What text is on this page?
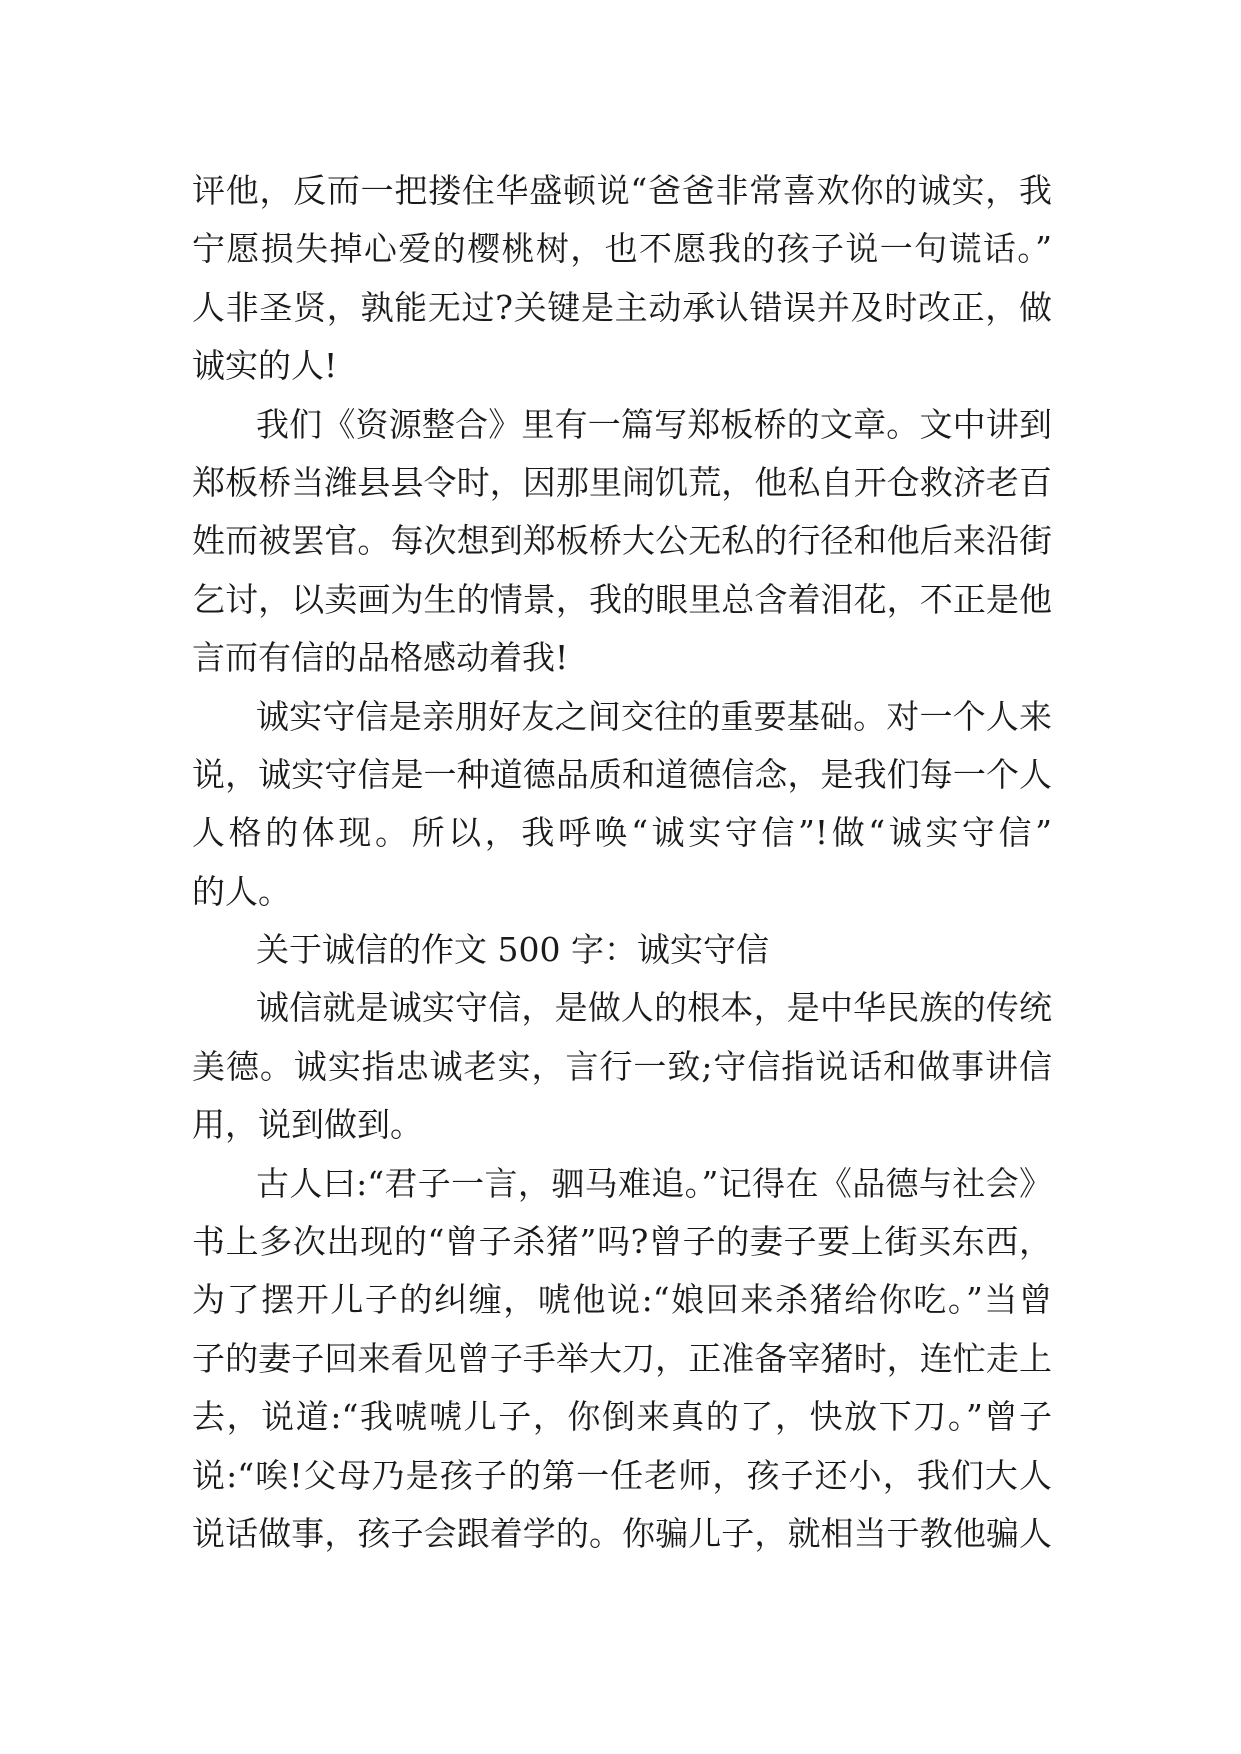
评他，反而一把搂住华盛顿说“爸爸非常喜欢你的诚实，我
宁愿损失掉心爱的樱桃树，也不愿我的孩子说一句谎话。”
人非圣贤，孰能无过?关键是主动承认错误并及时改正，做
诚实的人!
我们《资源整合》里有一篇写郑板桥的文章。文中讲到
郑板桥当潍县县令时，因那里闹饥荒，他私自开仓救济老百
姓而被罢官。每次想到郑板桥大公无私的行径和他后来沿街
乞讨，以卖画为生的情景，我的眼里总含着泪花，不正是他
言而有信的品格感动着我!
诚实守信是亲朋好友之间交往的重要基础。对一个人来
说，诚实守信是一种道德品质和道德信念，是我们每一个人
人格的体现。所以，我呼唤“诚实守信”!做“诚实守信”
的人。
关于诚信的作文 500 字：诚实守信
诚信就是诚实守信，是做人的根本，是中华民族的传统
美德。诚实指忠诚老实，言行一致;守信指说话和做事讲信
用，说到做到。
古人曰:“君子一言，驷马难追。”记得在《品德与社会》
书上多次出现的“曾子杀猪”吗?曾子的妻子要上街买东西，
为了摆开儿子的纠缠，唬他说:“娘回来杀猪给你吃。”当曾
子的妻子回来看见曾子手举大刀，正准备宰猪时，连忙走上
去，说道:“我唬唬儿子，你倒来真的了，快放下刀。”曾子
说:“唉!父母乃是孩子的第一任老师，孩子还小，我们大人
说话做事，孩子会跟着学的。你骗儿子，就相当于教他骗人
